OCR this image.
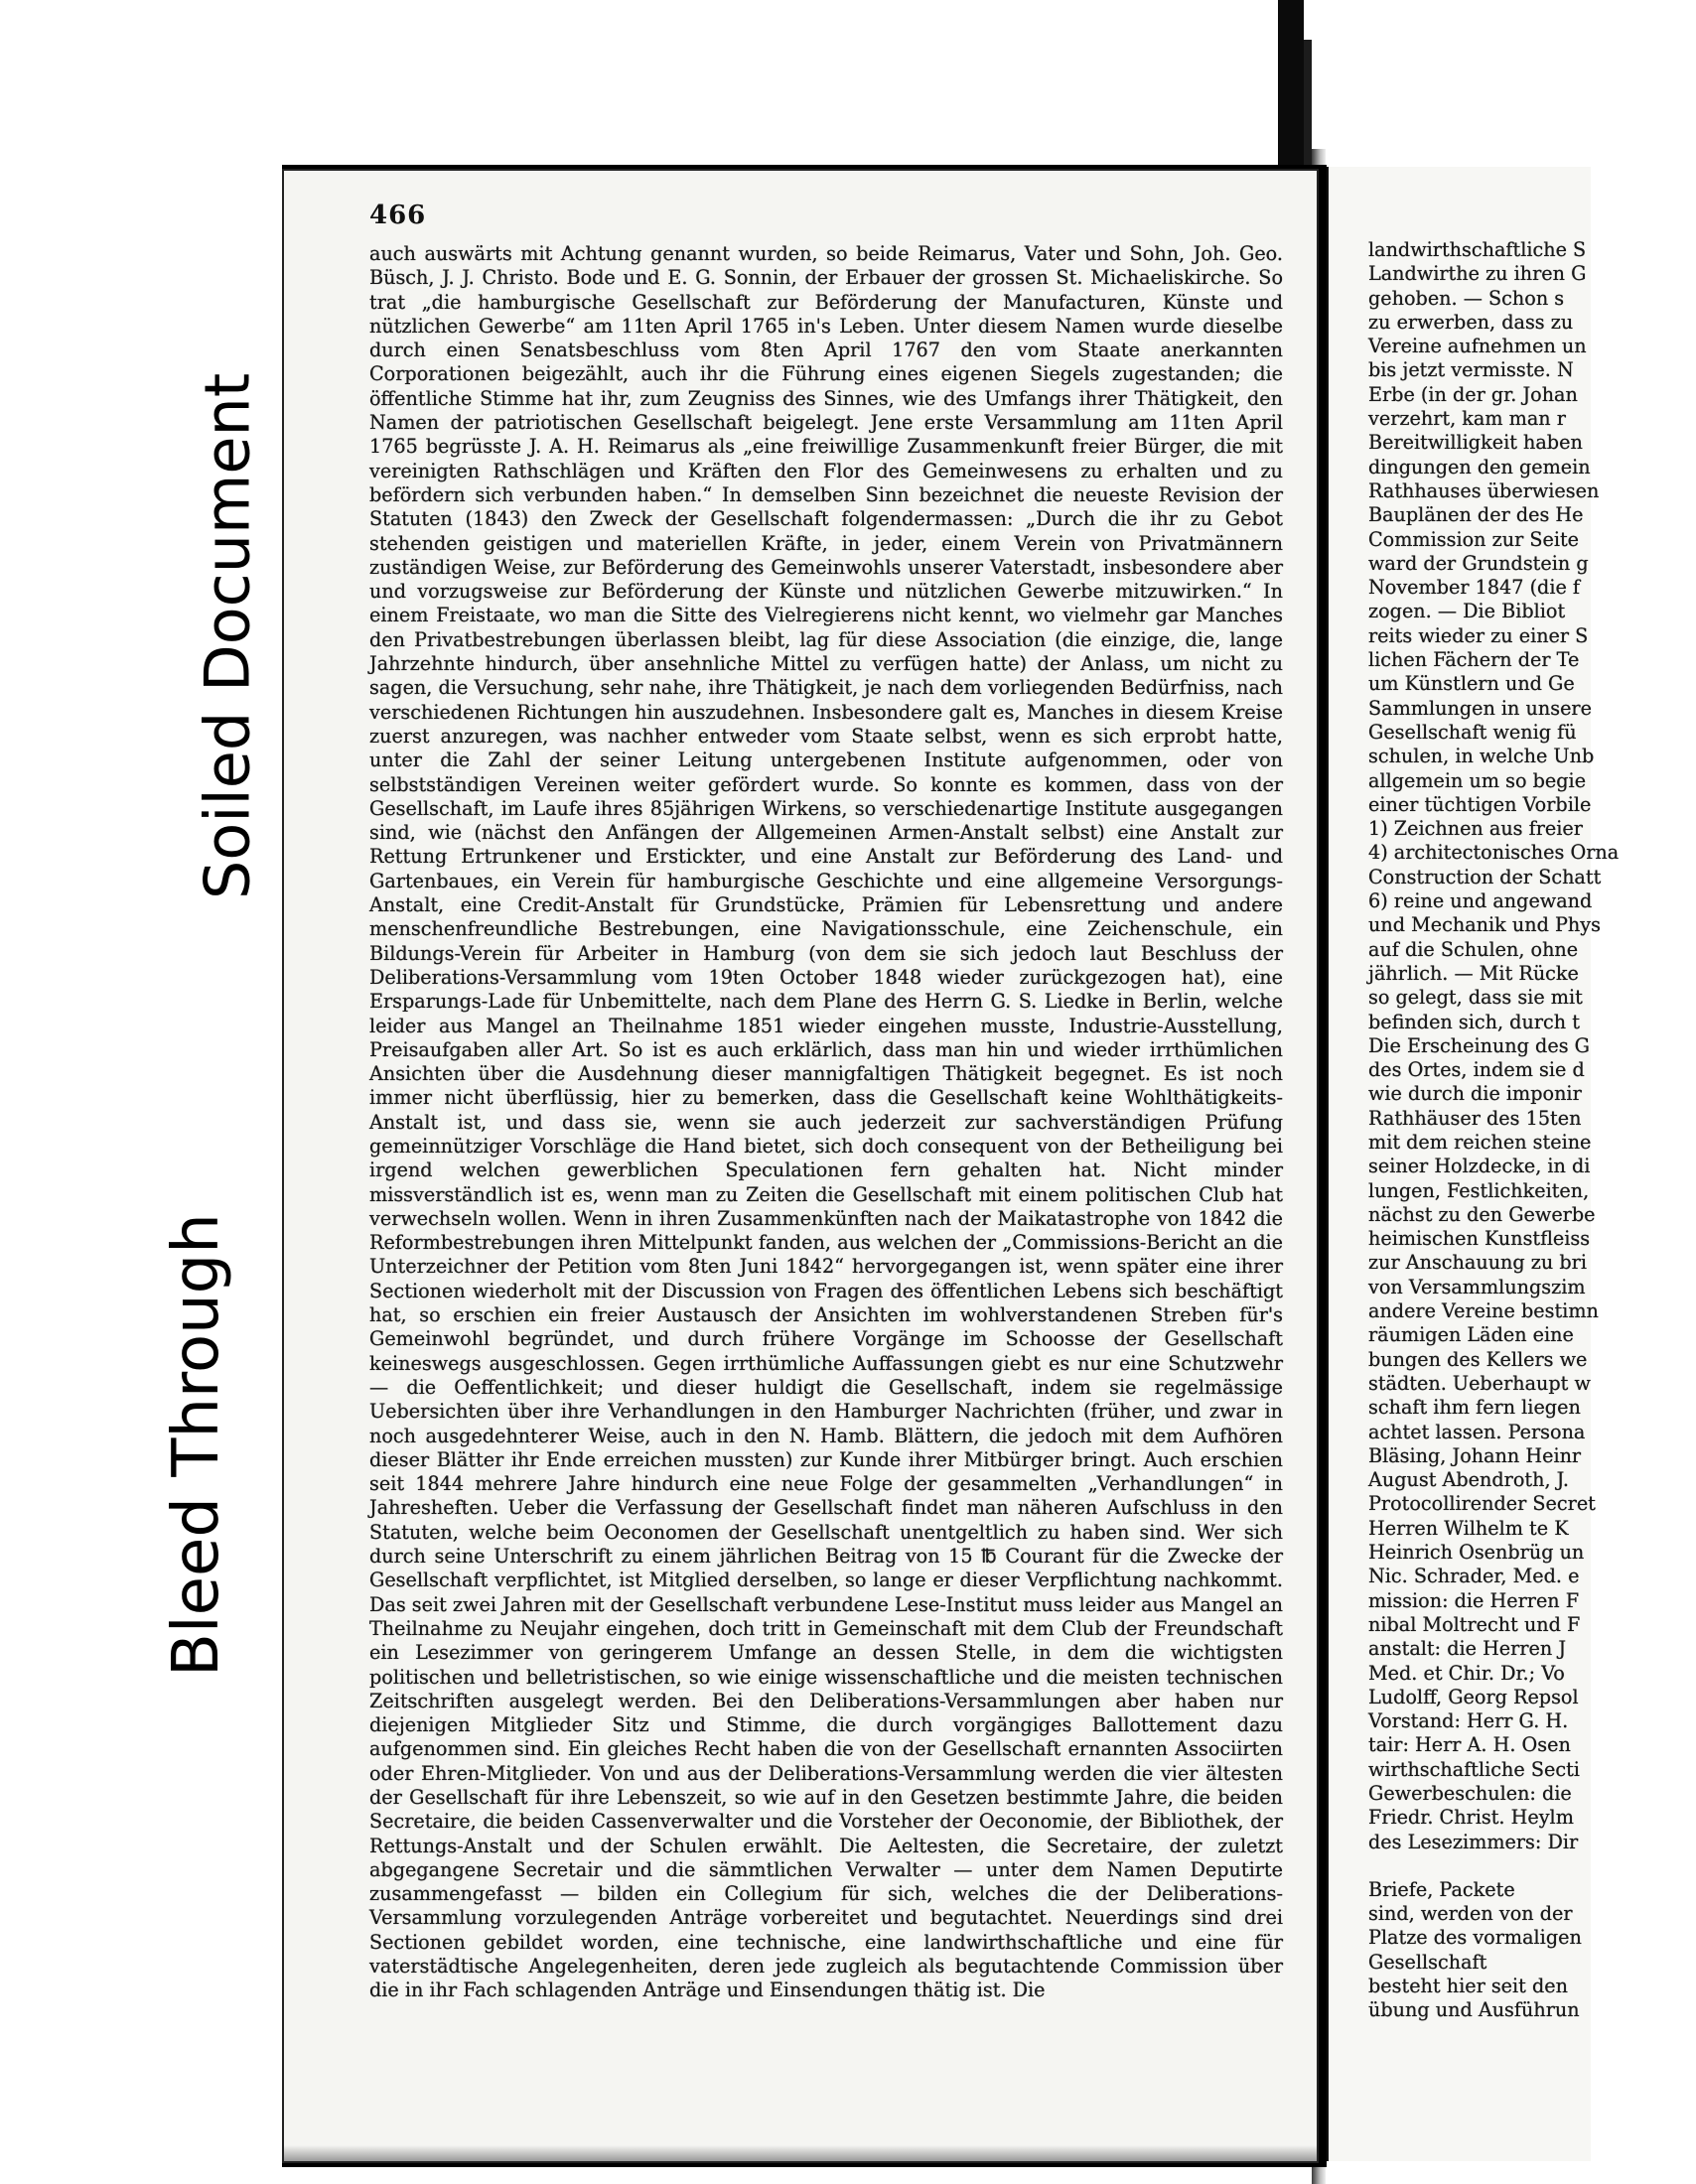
466

auch auswärts mit Achtung genannt wurden, so beide Reimarus, Vater und Sohn, Joh. Geo. Büsch, J. J. Christo. Bode und E. G. Sonnin, der Erbauer der grossen St. Michaeliskirche. So trat „die hamburgische Gesellschaft zur Beförderung der Manufacturen, Künste und nützlichen Gewerbe“ am 11ten April 1765 in's Leben. Unter diesem Namen wurde dieselbe durch einen Senatsbeschluss vom 8ten April 1767 den vom Staate anerkannten Corporationen beigezählt, auch ihr die Führung eines eigenen Siegels zugestanden; die öffentliche Stimme hat ihr, zum Zeugniss des Sinnes, wie des Umfangs ihrer Thätigkeit, den Namen der patriotischen Gesellschaft beigelegt. Jene erste Versammlung am 11ten April 1765 begrüsste J. A. H. Reimarus als „eine freiwillige Zusammenkunft freier Bürger, die mit vereinigten Rathschlägen und Kräften den Flor des Gemeinwesens zu erhalten und zu befördern sich verbunden haben.“ In demselben Sinn bezeichnet die neueste Revision der Statuten (1843) den Zweck der Gesellschaft folgendermassen: „Durch die ihr zu Gebot stehenden geistigen und materiellen Kräfte, in jeder, einem Verein von Privatmännern zuständigen Weise, zur Beförderung des Gemeinwohls unserer Vaterstadt, insbesondere aber und vorzugsweise zur Beförderung der Künste und nützlichen Gewerbe mitzuwirken.“ In einem Freistaate, wo man die Sitte des Vielregierens nicht kennt, wo vielmehr gar Manches den Privatbestrebungen überlassen bleibt, lag für diese Association (die einzige, die, lange Jahrzehnte hindurch, über ansehnliche Mittel zu verfügen hatte) der Anlass, um nicht zu sagen, die Versuchung, sehr nahe, ihre Thätigkeit, je nach dem vorliegenden Bedürfniss, nach verschiedenen Richtungen hin auszudehnen. Insbesondere galt es, Manches in diesem Kreise zuerst anzuregen, was nachher entweder vom Staate selbst, wenn es sich erprobt hatte, unter die Zahl der seiner Leitung untergebenen Institute aufgenommen, oder von selbstständigen Vereinen weiter gefördert wurde. So konnte es kommen, dass von der Gesellschaft, im Laufe ihres 85jährigen Wirkens, so verschiedenartige Institute ausgegangen sind, wie (nächst den Anfängen der Allgemeinen Armen-Anstalt selbst) eine Anstalt zur Rettung Ertrunkener und Erstickter, und eine Anstalt zur Beförderung des Land- und Gartenbaues, ein Verein für hamburgische Geschichte und eine allgemeine Versorgungs-Anstalt, eine Credit-Anstalt für Grundstücke, Prämien für Lebensrettung und andere menschenfreundliche Bestrebungen, eine Navigationsschule, eine Zeichenschule, ein Bildungs-Verein für Arbeiter in Hamburg (von dem sie sich jedoch laut Beschluss der Deliberations-Versammlung vom 19ten October 1848 wieder zurückgezogen hat), eine Ersparungs-Lade für Unbemittelte, nach dem Plane des Herrn G. S. Liedke in Berlin, welche leider aus Mangel an Theilnahme 1851 wieder eingehen musste, Industrie-Ausstellung, Preisaufgaben aller Art. So ist es auch erklärlich, dass man hin und wieder irrthümlichen Ansichten über die Ausdehnung dieser mannigfaltigen Thätigkeit begegnet. Es ist noch immer nicht überflüssig, hier zu bemerken, dass die Gesellschaft keine Wohlthätigkeits-Anstalt ist, und dass sie, wenn sie auch jederzeit zur sachverständigen Prüfung gemeinnütziger Vorschläge die Hand bietet, sich doch consequent von der Betheiligung bei irgend welchen gewerblichen Speculationen fern gehalten hat. Nicht minder missverständlich ist es, wenn man zu Zeiten die Gesellschaft mit einem politischen Club hat verwechseln wollen. Wenn in ihren Zusammenkünften nach der Maikatastrophe von 1842 die Reformbestrebungen ihren Mittelpunkt fanden, aus welchen der „Commissions-Bericht an die Unterzeichner der Petition vom 8ten Juni 1842“ hervorgegangen ist, wenn später eine ihrer Sectionen wiederholt mit der Discussion von Fragen des öffentlichen Lebens sich beschäftigt hat, so erschien ein freier Austausch der Ansichten im wohlverstandenen Streben für's Gemeinwohl begründet, und durch frühere Vorgänge im Schoosse der Gesellschaft keineswegs ausgeschlossen. Gegen irrthümliche Auffassungen giebt es nur eine Schutzwehr — die Oeffentlichkeit; und dieser huldigt die Gesellschaft, indem sie regelmässige Uebersichten über ihre Verhandlungen in den Hamburger Nachrichten (früher, und zwar in noch ausgedehnterer Weise, auch in den N. Hamb. Blättern, die jedoch mit dem Aufhören dieser Blätter ihr Ende erreichen mussten) zur Kunde ihrer Mitbürger bringt. Auch erschien seit 1844 mehrere Jahre hindurch eine neue Folge der gesammelten „Verhandlungen“ in Jahresheften. Ueber die Verfassung der Gesellschaft findet man näheren Aufschluss in den Statuten, welche beim Oeconomen der Gesellschaft unentgeltlich zu haben sind. Wer sich durch seine Unterschrift zu einem jährlichen Beitrag von 15 ℔ Courant für die Zwecke der Gesellschaft verpflichtet, ist Mitglied derselben, so lange er dieser Verpflichtung nachkommt. Das seit zwei Jahren mit der Gesellschaft verbundene Lese-Institut muss leider aus Mangel an Theilnahme zu Neujahr eingehen, doch tritt in Gemeinschaft mit dem Club der Freundschaft ein Lesezimmer von geringerem Umfange an dessen Stelle, in dem die wichtigsten politischen und belletristischen, so wie einige wissenschaftliche und die meisten technischen Zeitschriften ausgelegt werden. Bei den Deliberations-Versammlungen aber haben nur diejenigen Mitglieder Sitz und Stimme, die durch vorgängiges Ballottement dazu aufgenommen sind. Ein gleiches Recht haben die von der Gesellschaft ernannten Associirten oder Ehren-Mitglieder. Von und aus der Deliberations-Versammlung werden die vier ältesten der Gesellschaft für ihre Lebenszeit, so wie auf in den Gesetzen bestimmte Jahre, die beiden Secretaire, die beiden Cassenverwalter und die Vorsteher der Oeconomie, der Bibliothek, der Rettungs-Anstalt und der Schulen erwählt. Die Aeltesten, die Secretaire, der zuletzt abgegangene Secretair und die sämmtlichen Verwalter — unter dem Namen Deputirte zusammengefasst — bilden ein Collegium für sich, welches die der Deliberations-Versammlung vorzulegenden Anträge vorbereitet und begutachtet. Neuerdings sind drei Sectionen gebildet worden, eine technische, eine landwirthschaftliche und eine für vaterstädtische Angelegenheiten, deren jede zugleich als begutachtende Commission über die in ihr Fach schlagenden Anträge und Einsendungen thätig ist. Die

landwirthschaftliche S
Landwirthe zu ihren G
gehoben. — Schon s
zu erwerben, dass zu
Vereine aufnehmen un
bis jetzt vermisste. N
Erbe (in der gr. Johan
verzehrt, kam man r
Bereitwilligkeit haben
dingungen den gemein
Rathhauses überwiesen
Bauplänen der des He
Commission zur Seite
ward der Grundstein g
November 1847 (die f
zogen. — Die Bibliot
reits wieder zu einer S
lichen Fächern der Te
um Künstlern und Ge
Sammlungen in unsere
Gesellschaft wenig fü
schulen, in welche Unb
allgemein um so begie
einer tüchtigen Vorbile
1) Zeichnen aus freier
4) architectonisches Orna
Construction der Schatt
6) reine und angewand
und Mechanik und Phys
auf die Schulen, ohne
jährlich. — Mit Rücke
so gelegt, dass sie mit
befinden sich, durch t
Die Erscheinung des G
des Ortes, indem sie d
wie durch die imponir
Rathhäuser des 15ten
mit dem reichen steine
seiner Holzdecke, in di
lungen, Festlichkeiten,
nächst zu den Gewerbe
heimischen Kunstfleiss
zur Anschauung zu bri
von Versammlungszim
andere Vereine bestimn
räumigen Läden eine
bungen des Kellers we
städten. Ueberhaupt w
schaft ihm fern liegen
achtet lassen. Persona
Bläsing, Johann Heinr
August Abendroth, J.
Protocollirender Secret
Herren Wilhelm te K
Heinrich Osenbrüg un
Nic. Schrader, Med. e
mission: die Herren F
nibal Moltrecht und F
anstalt: die Herren J
Med. et Chir. Dr.; Vo
Ludolff, Georg Repsol
Vorstand: Herr G. H.
tair: Herr A. H. Osen
wirthschaftliche Secti
Gewerbeschulen: die
Friedr. Christ. Heylm
des Lesezimmers: Dir
Briefe, Packete
sind, werden von der
Platze des vormaligen
Gesellschaft
besteht hier seit den
übung und Ausführun
Soiled Document
Bleed Through
